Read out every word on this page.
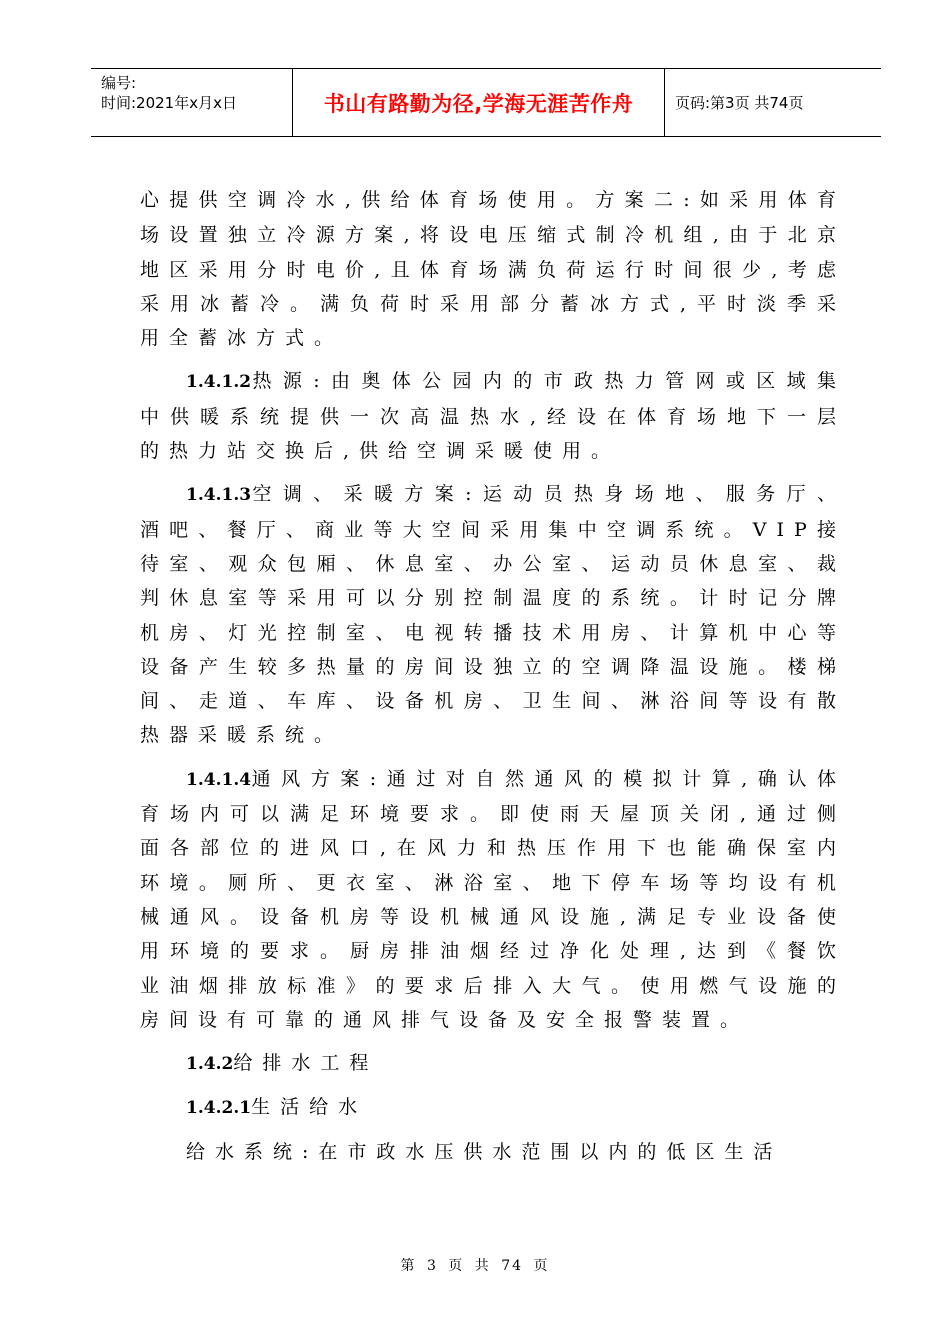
编号:
时间:2021年x月x日	书山有路勤为径,学海无涯苦作舟	页码:第3页 共74页

心提供空调冷水,供给体育场使用。方案二:如采用体育场设置独立冷源方案,将设电压缩式制冷机组,由于北京地区采用分时电价,且体育场满负荷运行时间很少,考虑采用冰蓄冷。满负荷时采用部分蓄冰方式,平时淡季采用全蓄冰方式。

1.4.1.2热源:由奥体公园内的市政热力管网或区域集中供暖系统提供一次高温热水,经设在体育场地下一层的热力站交换后,供给空调采暖使用。

1.4.1.3空调、采暖方案:运动员热身场地、服务厅、酒吧、餐厅、商业等大空间采用集中空调系统。VIP接待室、观众包厢、休息室、办公室、运动员休息室、裁判休息室等采用可以分别控制温度的系统。计时记分牌机房、灯光控制室、电视转播技术用房、计算机中心等设备产生较多热量的房间设独立的空调降温设施。楼梯间、走道、车库、设备机房、卫生间、淋浴间等设有散热器采暖系统。

1.4.1.4通风方案:通过对自然通风的模拟计算,确认体育场内可以满足环境要求。即使雨天屋顶关闭,通过侧面各部位的进风口,在风力和热压作用下也能确保室内环境。厕所、更衣室、淋浴室、地下停车场等均设有机械通风。设备机房等设机械通风设施,满足专业设备使用环境的要求。厨房排油烟经过净化处理,达到《餐饮业油烟排放标准》的要求后排入大气。使用燃气设施的房间设有可靠的通风排气设备及安全报警装置。

1.4.2给排水工程

1.4.2.1生活给水

给水系统:在市政水压供水范围以内的低区生活

第 3 页 共 74 页
